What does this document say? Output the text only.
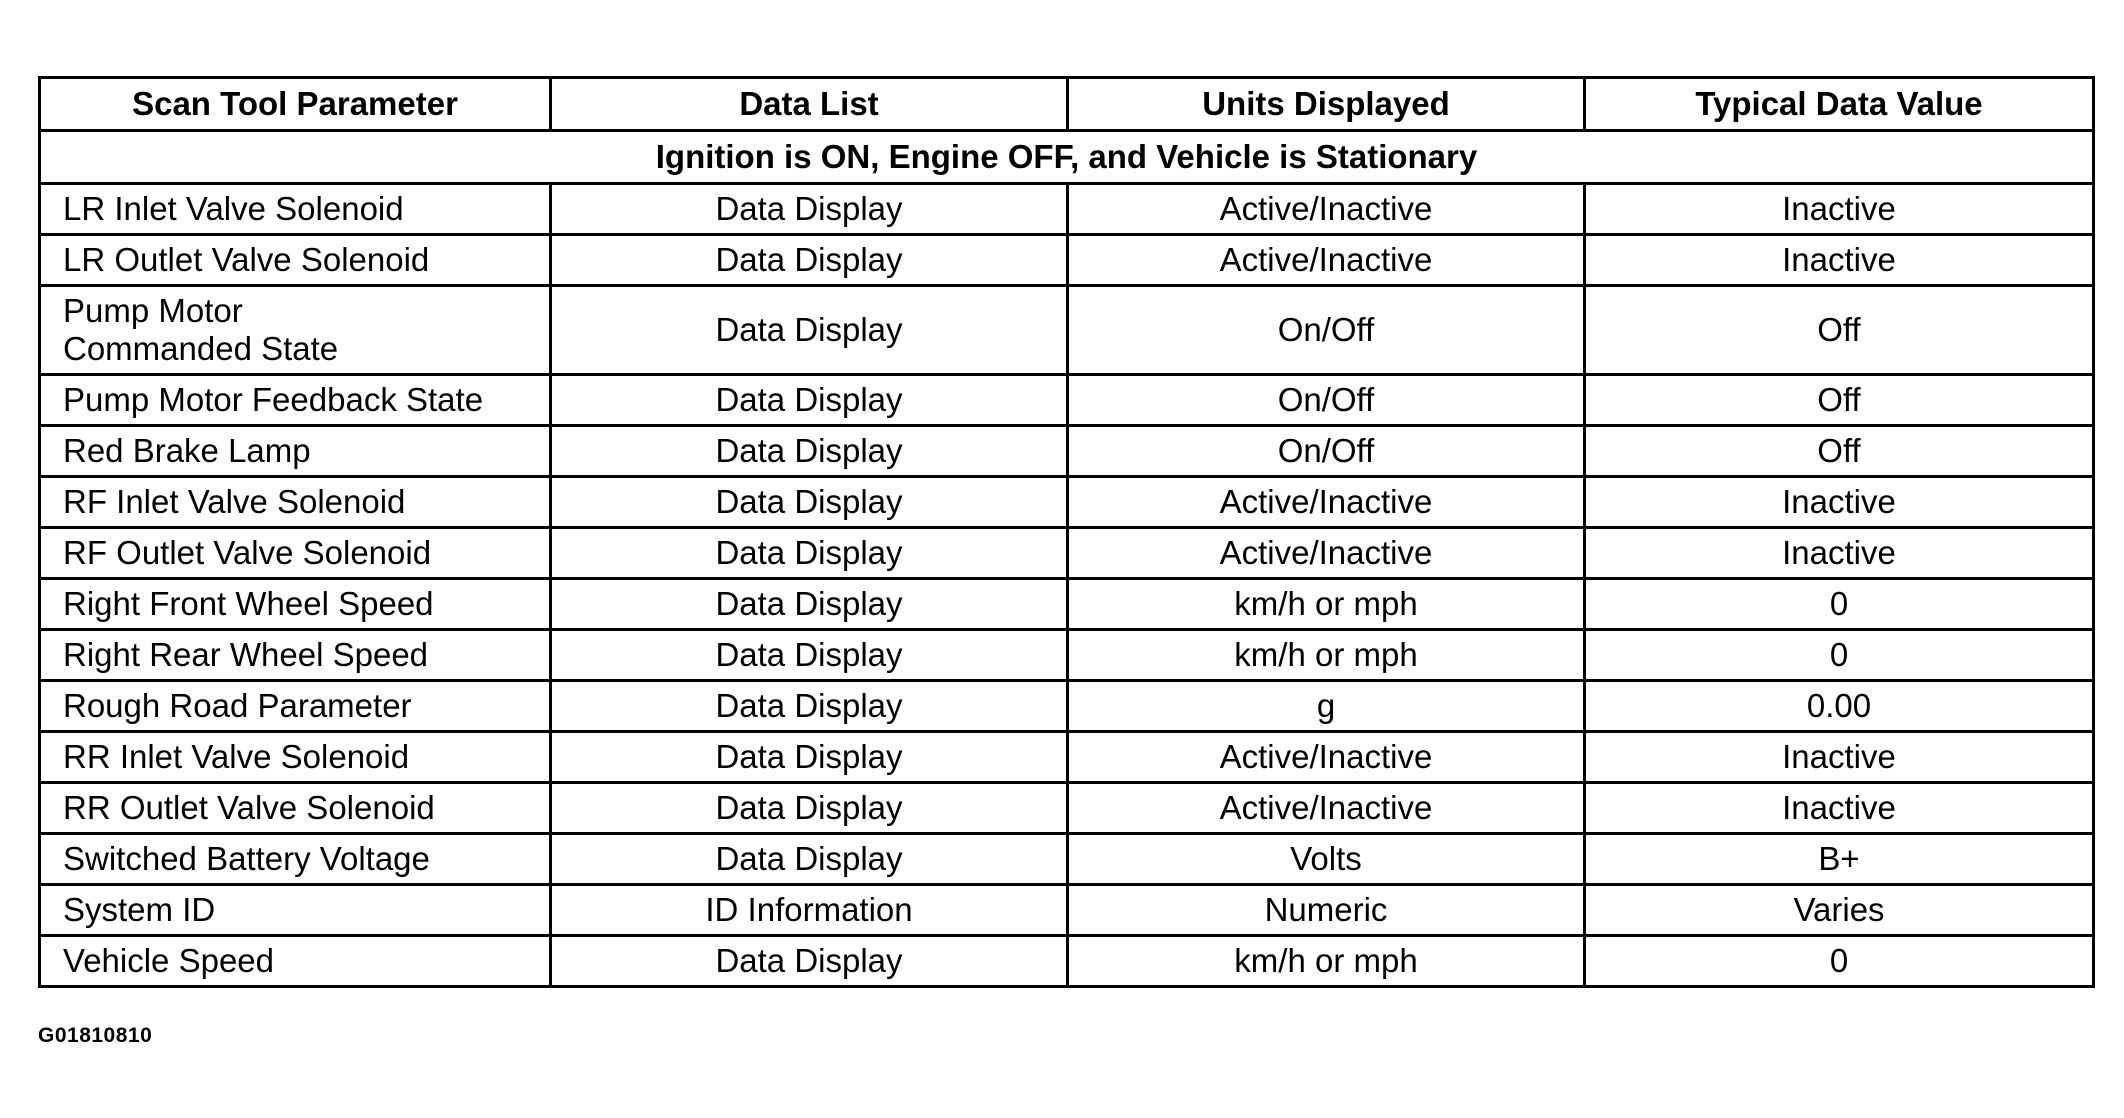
Scan Tool Parameter	Data List	Units Displayed	Typical Data Value
Ignition is ON, Engine OFF, and Vehicle is Stationary			
LR Inlet Valve Solenoid	Data Display	Active/Inactive	Inactive
LR Outlet Valve Solenoid	Data Display	Active/Inactive	Inactive
Pump Motor
Commanded State	Data Display	On/Off	Off
Pump Motor Feedback State	Data Display	On/Off	Off
Red Brake Lamp	Data Display	On/Off	Off
RF Inlet Valve Solenoid	Data Display	Active/Inactive	Inactive
RF Outlet Valve Solenoid	Data Display	Active/Inactive	Inactive
Right Front Wheel Speed	Data Display	km/h or mph	0
Right Rear Wheel Speed	Data Display	km/h or mph	0
Rough Road Parameter	Data Display	g	0.00
RR Inlet Valve Solenoid	Data Display	Active/Inactive	Inactive
RR Outlet Valve Solenoid	Data Display	Active/Inactive	Inactive
Switched Battery Voltage	Data Display	Volts	B+
System ID	ID Information	Numeric	Varies
Vehicle Speed	Data Display	km/h or mph	0
G01810810
